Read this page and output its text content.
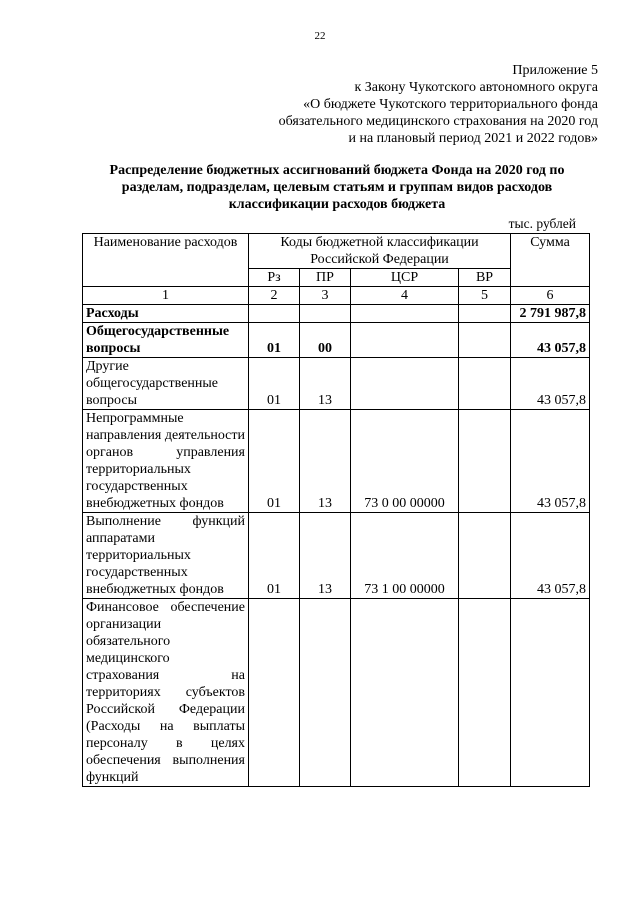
22
Приложение 5
к Закону Чукотского автономного округа
«О бюджете Чукотского территориального фонда
обязательного медицинского страхования на 2020 год
и на плановый период 2021 и 2022 годов»
Распределение бюджетных ассигнований бюджета Фонда на 2020 год по
разделам, подразделам, целевым статьям и группам видов расходов
классификации расходов бюджета
тыс. рублей
Наименование расходов	Коды бюджетной классификации Российской Федерации				Сумма
	Рз	ПР	ЦСР	ВР	
1	2	3	4	5	6
Расходы					2 791 987,8
Общегосударственные вопросы	01	00			43 057,8
Другие общегосударственные вопросы	01	13			43 057,8
Непрограммные направления деятельности органов управления территориальных государственных внебюджетных фондов	01	13	73 0 00 00000		43 057,8
Выполнение функций аппаратами территориальных государственных внебюджетных фондов	01	13	73 1 00 00000		43 057,8
Финансовое обеспечение организации обязательного медицинского страхования на территориях субъектов Российской Федерации (Расходы на выплаты персоналу в целях обеспечения выполнения функций					
